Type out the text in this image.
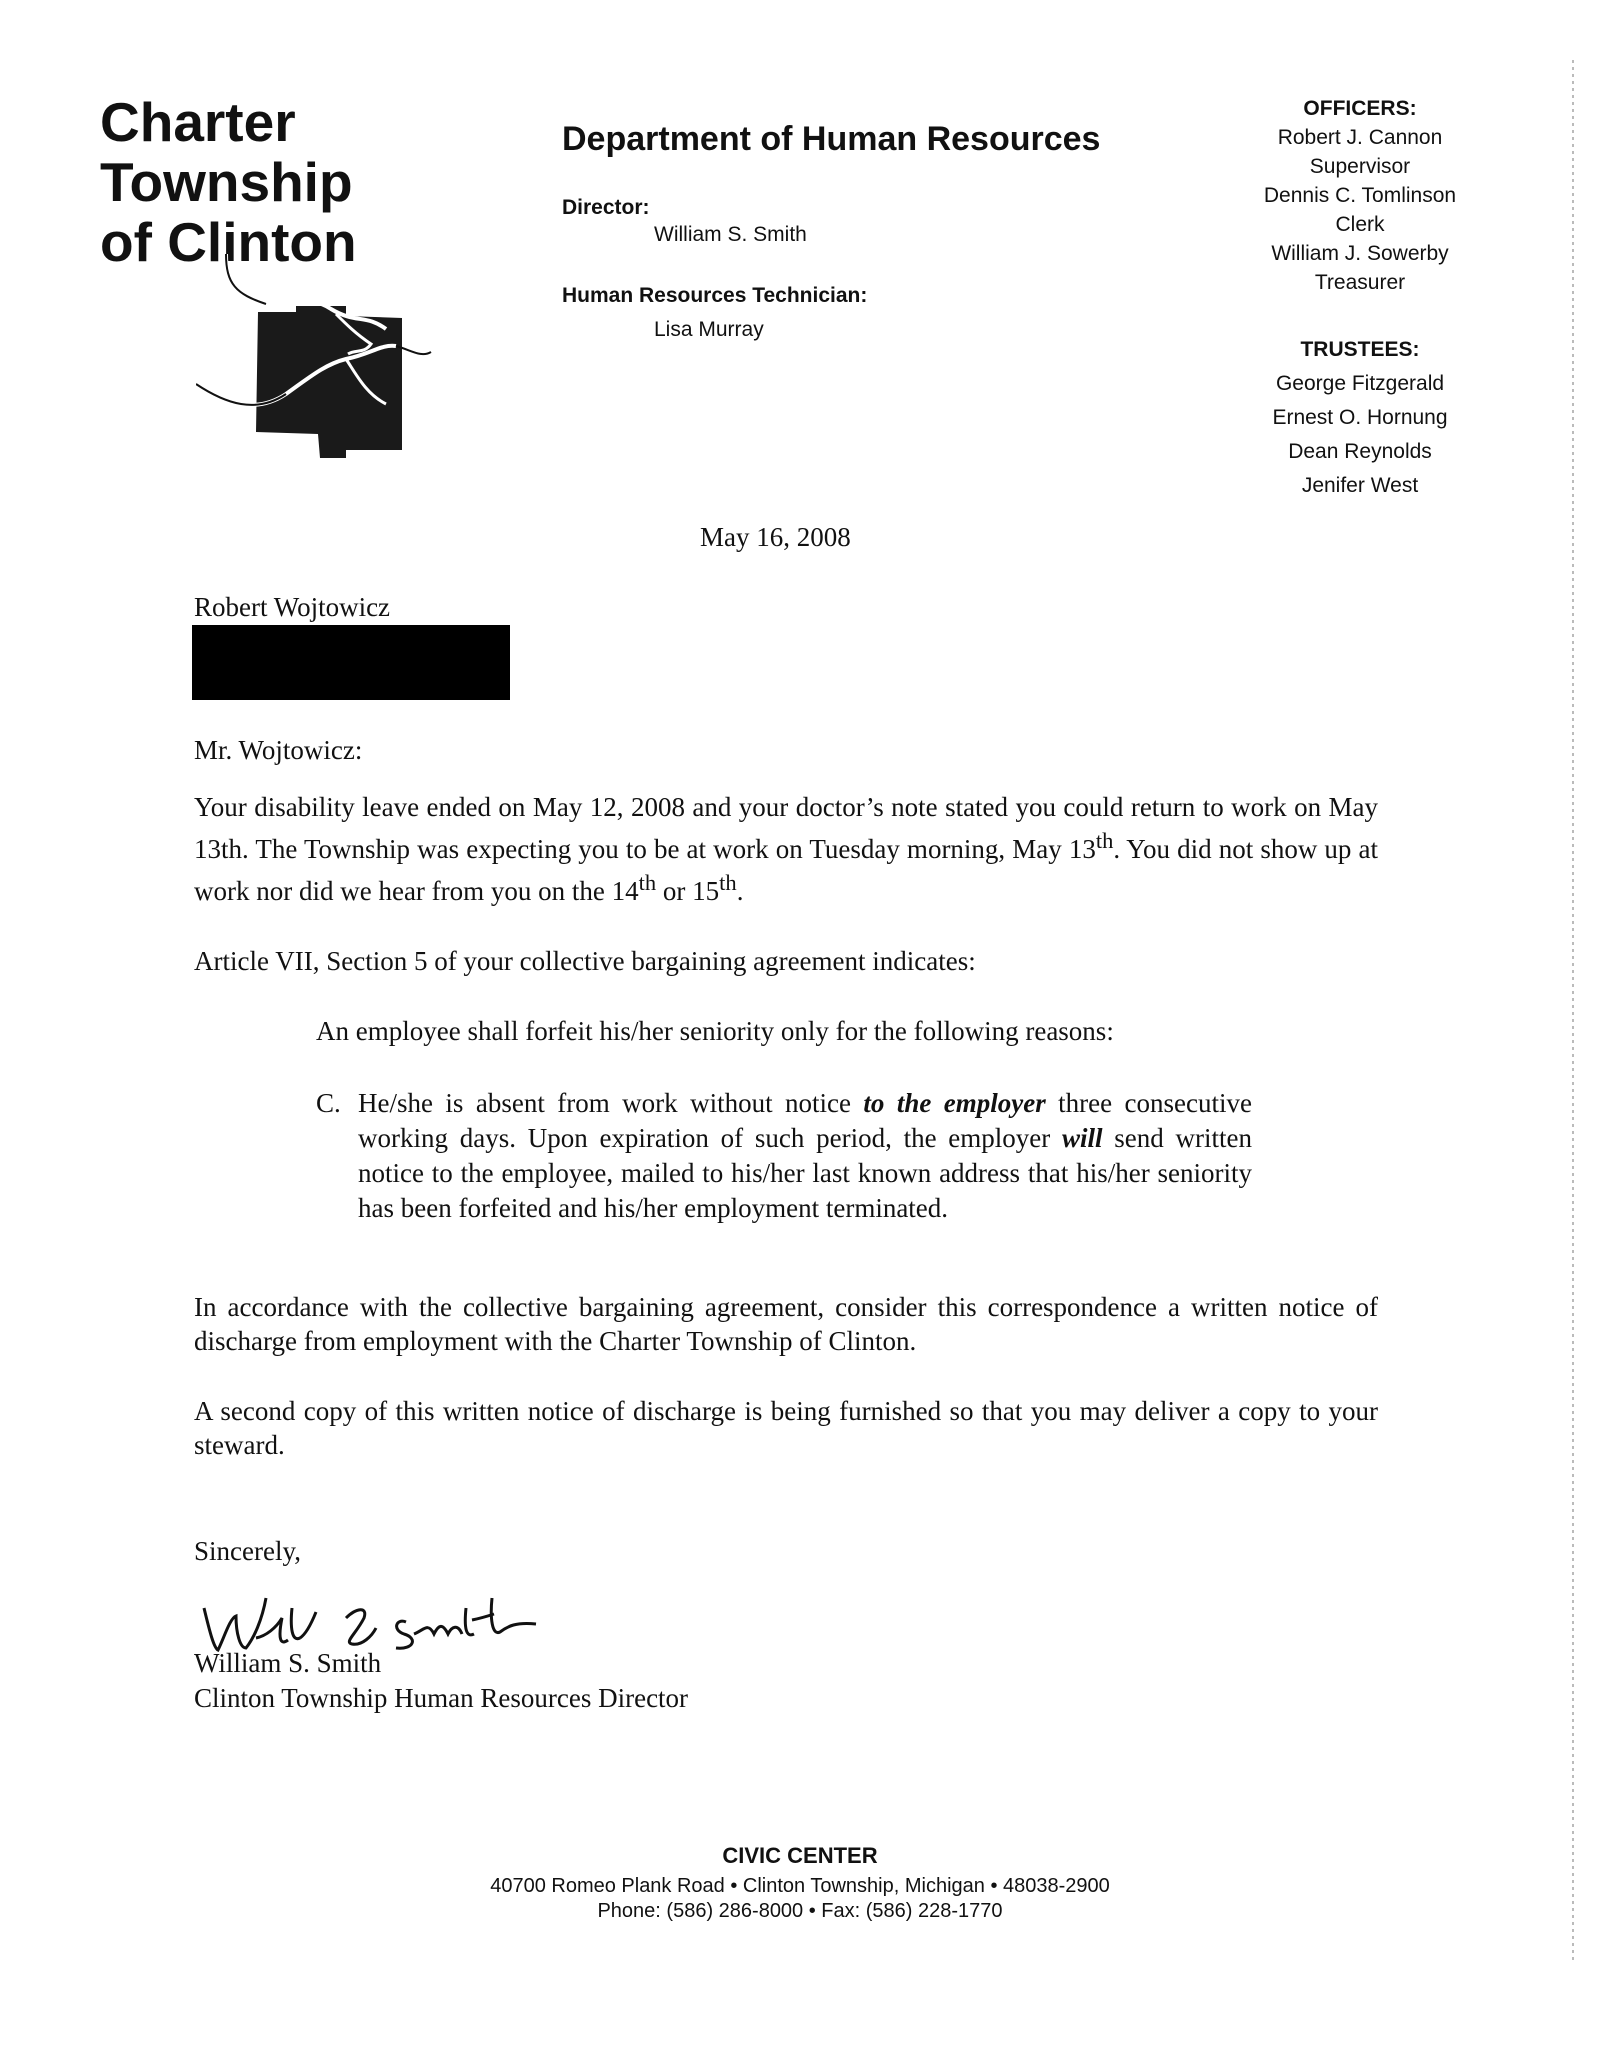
Charter
Township
of Clinton
Department of Human Resources
Director:
William S. Smith
Human Resources Technician:
Lisa Murray
OFFICERS:
Robert J. Cannon
Supervisor
Dennis C. Tomlinson
Clerk
William J. Sowerby
Treasurer
TRUSTEES:
George Fitzgerald
Ernest O. Hornung
Dean Reynolds
Jenifer West
May 16, 2008
Robert Wojtowicz
Mr. Wojtowicz:
Your disability leave ended on May 12, 2008 and your doctor’s note stated you could return to work on May 13th. The Township was expecting you to be at work on Tuesday morning, May 13th. You did not show up at work nor did we hear from you on the 14th or 15th.
Article VII, Section 5 of your collective bargaining agreement indicates:
An employee shall forfeit his/her seniority only for the following reasons:
C. He/she is absent from work without notice to the employer three consecutive working days. Upon expiration of such period, the employer will send written notice to the employee, mailed to his/her last known address that his/her seniority has been forfeited and his/her employment terminated.
In accordance with the collective bargaining agreement, consider this correspondence a written notice of discharge from employment with the Charter Township of Clinton.
A second copy of this written notice of discharge is being furnished so that you may deliver a copy to your steward.
Sincerely,
William S. Smith
Clinton Township Human Resources Director
CIVIC CENTER
40700 Romeo Plank Road • Clinton Township, Michigan • 48038-2900
Phone: (586) 286-8000 • Fax: (586) 228-1770
